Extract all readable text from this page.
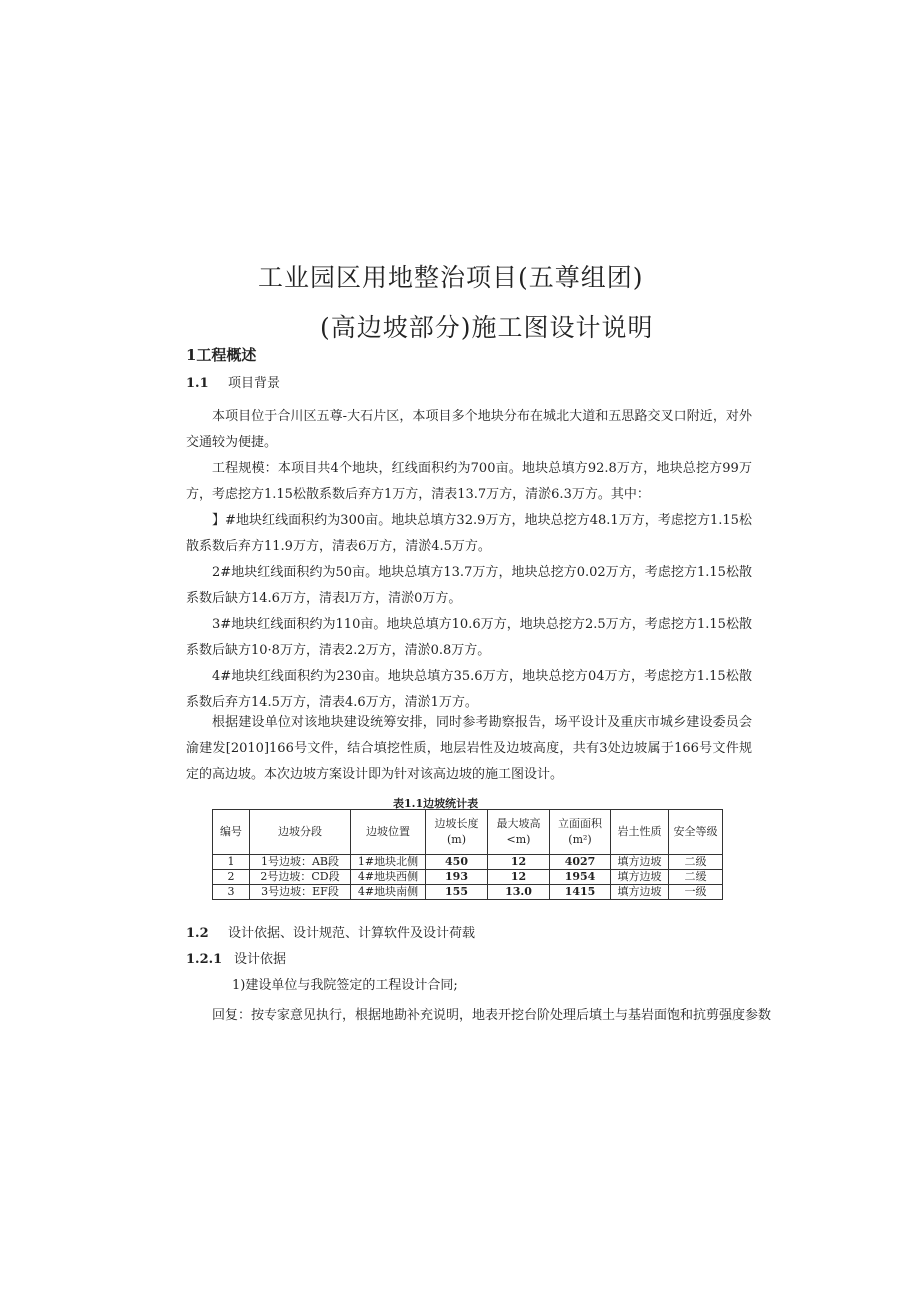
工业园区用地整治项目(五尊组团)
(高边坡部分)施工图设计说明
1工程概述
1.1 项目背景
本项目位于合川区五尊-大石片区，本项目多个地块分布在城北大道和五思路交叉口附近，对外交通较为便捷。
工程规模：本项目共4个地块，红线面积约为700亩。地块总填方92.8万方，地块总挖方99万方，考虑挖方1.15松散系数后弃方1万方，清表13.7万方，清淤6.3万方。其中：
】#地块红线面积约为300亩。地块总填方32.9万方，地块总挖方48.1万方，考虑挖方1.15松散系数后弃方11.9万方，清表6万方，清淤4.5万方。
2#地块红线面积约为50亩。地块总填方13.7万方，地块总挖方0.02万方，考虑挖方1.15松散系数后缺方14.6万方，清表l万方，清淤0万方。
3#地块红线面积约为110亩。地块总填方10.6万方，地块总挖方2.5万方，考虑挖方1.15松散系数后缺方10·8万方，清表2.2万方，清淤0.8万方。
4#地块红线面积约为230亩。地块总填方35.6万方，地块总挖方04万方，考虑挖方1.15松散系数后弃方14.5万方，清表4.6万方，清淤1万方。
根据建设单位对该地块建设统筹安排，同时参考勘察报告，场平设计及重庆市城乡建设委员会渝建发[2010]166号文件，结合填挖性质，地层岩性及边坡高度，共有3处边坡属于166号文件规定的高边坡。本次边坡方案设计即为针对该高边坡的施工图设计。
表1.1边坡统计表
编号	边坡分段	边坡位置	边坡长度(m)	最大坡高<m)	立面面积(m²)	岩土性质	安全等级
1	1号边坡：AB段	1#地块北侧	450	12	4027	填方边坡	二级
2	2号边坡：CD段	4#地块西侧	193	12	1954	填方边坡	二缓
3	3号边坡：EF段	4#地块南侧	155	13.0	1415	填方边坡	一级
1.2 设计依据、设计规范、计算软件及设计荷载
1.2.1 设计依据
1)建设单位与我院签定的工程设计合同;
回复：按专家意见执行，根据地勘补充说明，地表开挖台阶处理后填土与基岩面饱和抗剪强度参数
